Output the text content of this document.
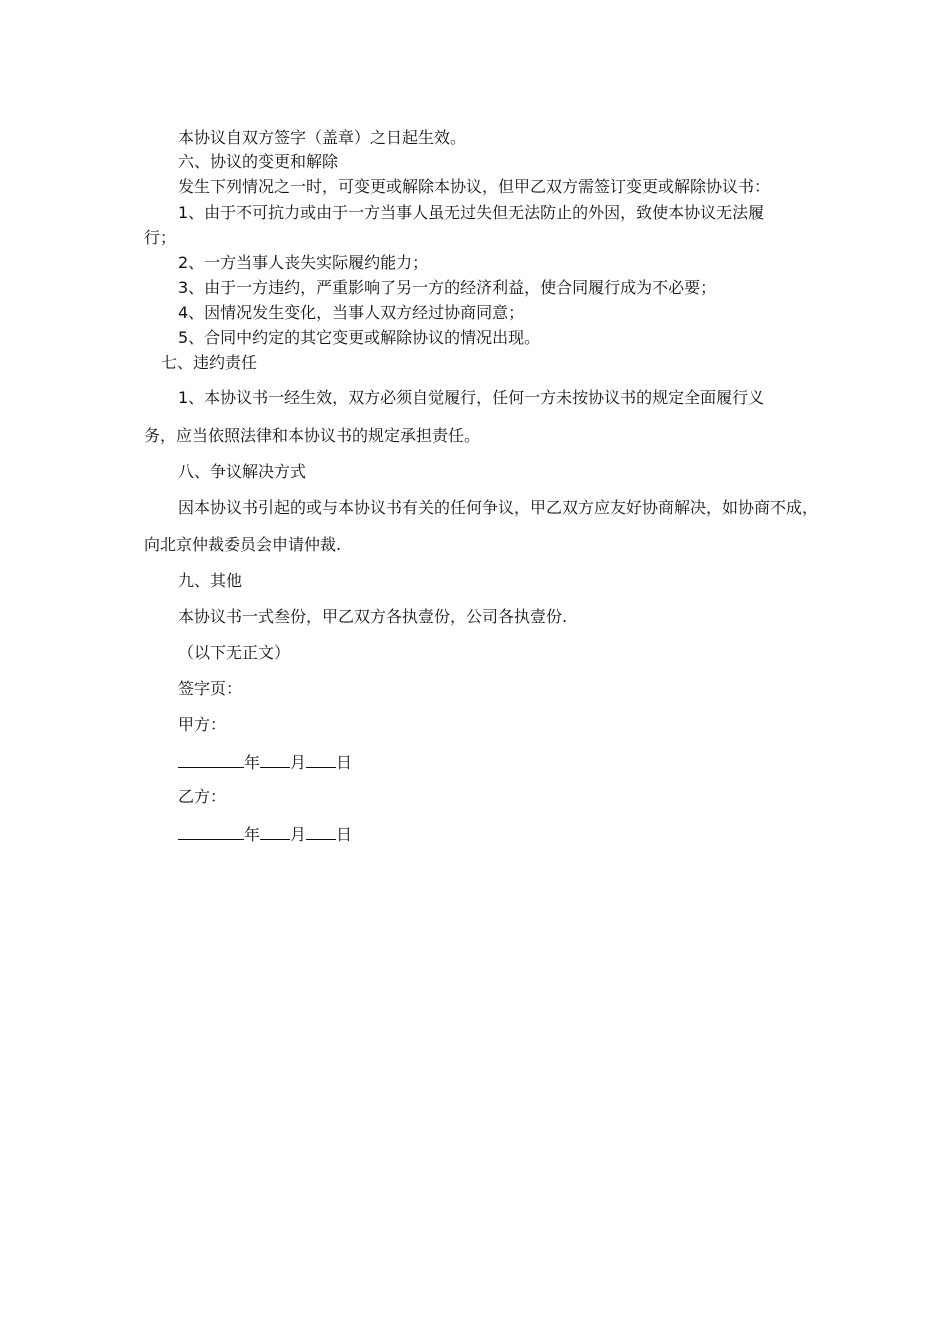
本协议自双方签字（盖章）之日起生效。

六、协议的变更和解除

发生下列情况之一时，可变更或解除本协议，但甲乙双方需签订变更或解除协议书：

1、由于不可抗力或由于一方当事人虽无过失但无法防止的外因，致使本协议无法履

行；

2、一方当事人丧失实际履约能力；

3、由于一方违约，严重影响了另一方的经济利益，使合同履行成为不必要；

4、因情况发生变化，当事人双方经过协商同意；

5、合同中约定的其它变更或解除协议的情况出现。

七、违约责任

1、本协议书一经生效，双方必须自觉履行，任何一方未按协议书的规定全面履行义

务，应当依照法律和本协议书的规定承担责任。

八、争议解决方式

因本协议书引起的或与本协议书有关的任何争议，甲乙双方应友好协商解决，如协商不成，

向北京仲裁委员会申请仲裁.

九、其他

本协议书一式叁份，甲乙双方各执壹份，公司各执壹份.

（以下无正文）

签字页：

甲方：

年 月 日

乙方：

年 月 日
